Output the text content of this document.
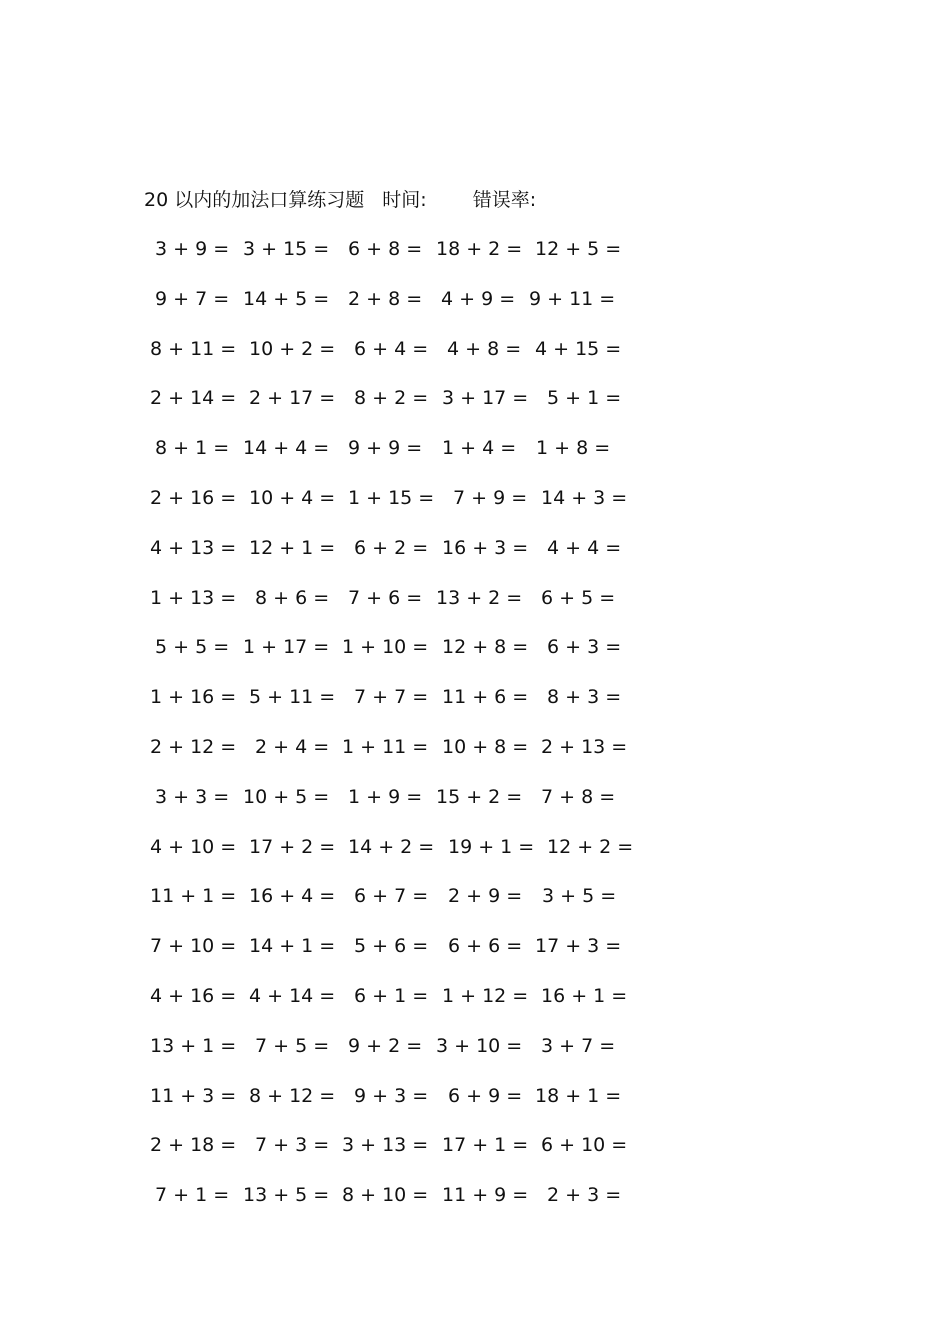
20 以内的加法口算练习题 时间: 错误率:
3 + 9 = 3 + 15 = 6 + 8 = 18 + 2 = 12 + 5 =
9 + 7 = 14 + 5 = 2 + 8 = 4 + 9 = 9 + 11 =
8 + 11 = 10 + 2 = 6 + 4 = 4 + 8 = 4 + 15 =
2 + 14 = 2 + 17 = 8 + 2 = 3 + 17 = 5 + 1 =
8 + 1 = 14 + 4 = 9 + 9 = 1 + 4 = 1 + 8 =
2 + 16 = 10 + 4 = 1 + 15 = 7 + 9 = 14 + 3 =
4 + 13 = 12 + 1 = 6 + 2 = 16 + 3 = 4 + 4 =
1 + 13 = 8 + 6 = 7 + 6 = 13 + 2 = 6 + 5 =
5 + 5 = 1 + 17 = 1 + 10 = 12 + 8 = 6 + 3 =
1 + 16 = 5 + 11 = 7 + 7 = 11 + 6 = 8 + 3 =
2 + 12 = 2 + 4 = 1 + 11 = 10 + 8 = 2 + 13 =
3 + 3 = 10 + 5 = 1 + 9 = 15 + 2 = 7 + 8 =
4 + 10 = 17 + 2 = 14 + 2 = 19 + 1 = 12 + 2 =
11 + 1 = 16 + 4 = 6 + 7 = 2 + 9 = 3 + 5 =
7 + 10 = 14 + 1 = 5 + 6 = 6 + 6 = 17 + 3 =
4 + 16 = 4 + 14 = 6 + 1 = 1 + 12 = 16 + 1 =
13 + 1 = 7 + 5 = 9 + 2 = 3 + 10 = 3 + 7 =
11 + 3 = 8 + 12 = 9 + 3 = 6 + 9 = 18 + 1 =
2 + 18 = 7 + 3 = 3 + 13 = 17 + 1 = 6 + 10 =
7 + 1 = 13 + 5 = 8 + 10 = 11 + 9 = 2 + 3 =
